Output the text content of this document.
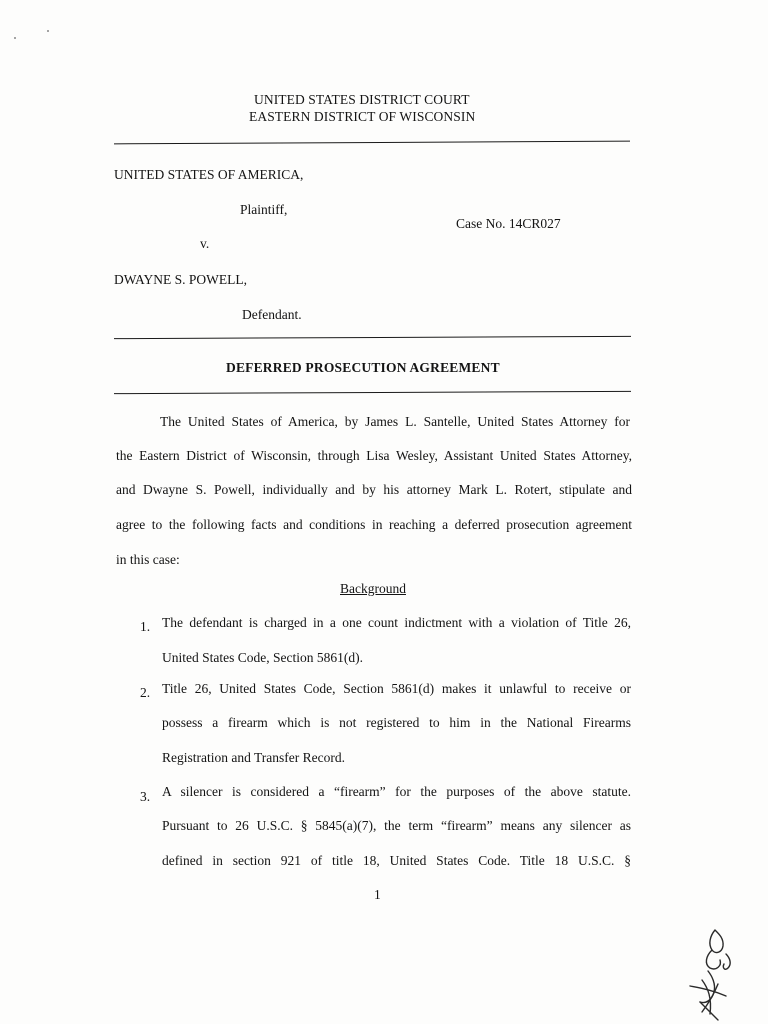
UNITED STATES DISTRICT COURT
EASTERN DISTRICT OF WISCONSIN
UNITED STATES OF AMERICA,
Plaintiff,
Case No. 14CR027
v.
DWAYNE S. POWELL,
Defendant.
DEFERRED PROSECUTION AGREEMENT
The United States of America, by James L. Santelle, United States Attorney for
the Eastern District of Wisconsin, through Lisa Wesley, Assistant United States Attorney,
and Dwayne S. Powell, individually and by his attorney Mark L. Rotert, stipulate and
agree to the following facts and conditions in reaching a deferred prosecution agreement
in this case:
Background
1. The defendant is charged in a one count indictment with a violation of Title 26,
United States Code, Section 5861(d).
2. Title 26, United States Code, Section 5861(d) makes it unlawful to receive or
possess a firearm which is not registered to him in the National Firearms
Registration and Transfer Record.
3. A silencer is considered a “firearm” for the purposes of the above statute.
Pursuant to 26 U.S.C. § 5845(a)(7), the term “firearm” means any silencer as
defined in section 921 of title 18, United States Code. Title 18 U.S.C. §
1
